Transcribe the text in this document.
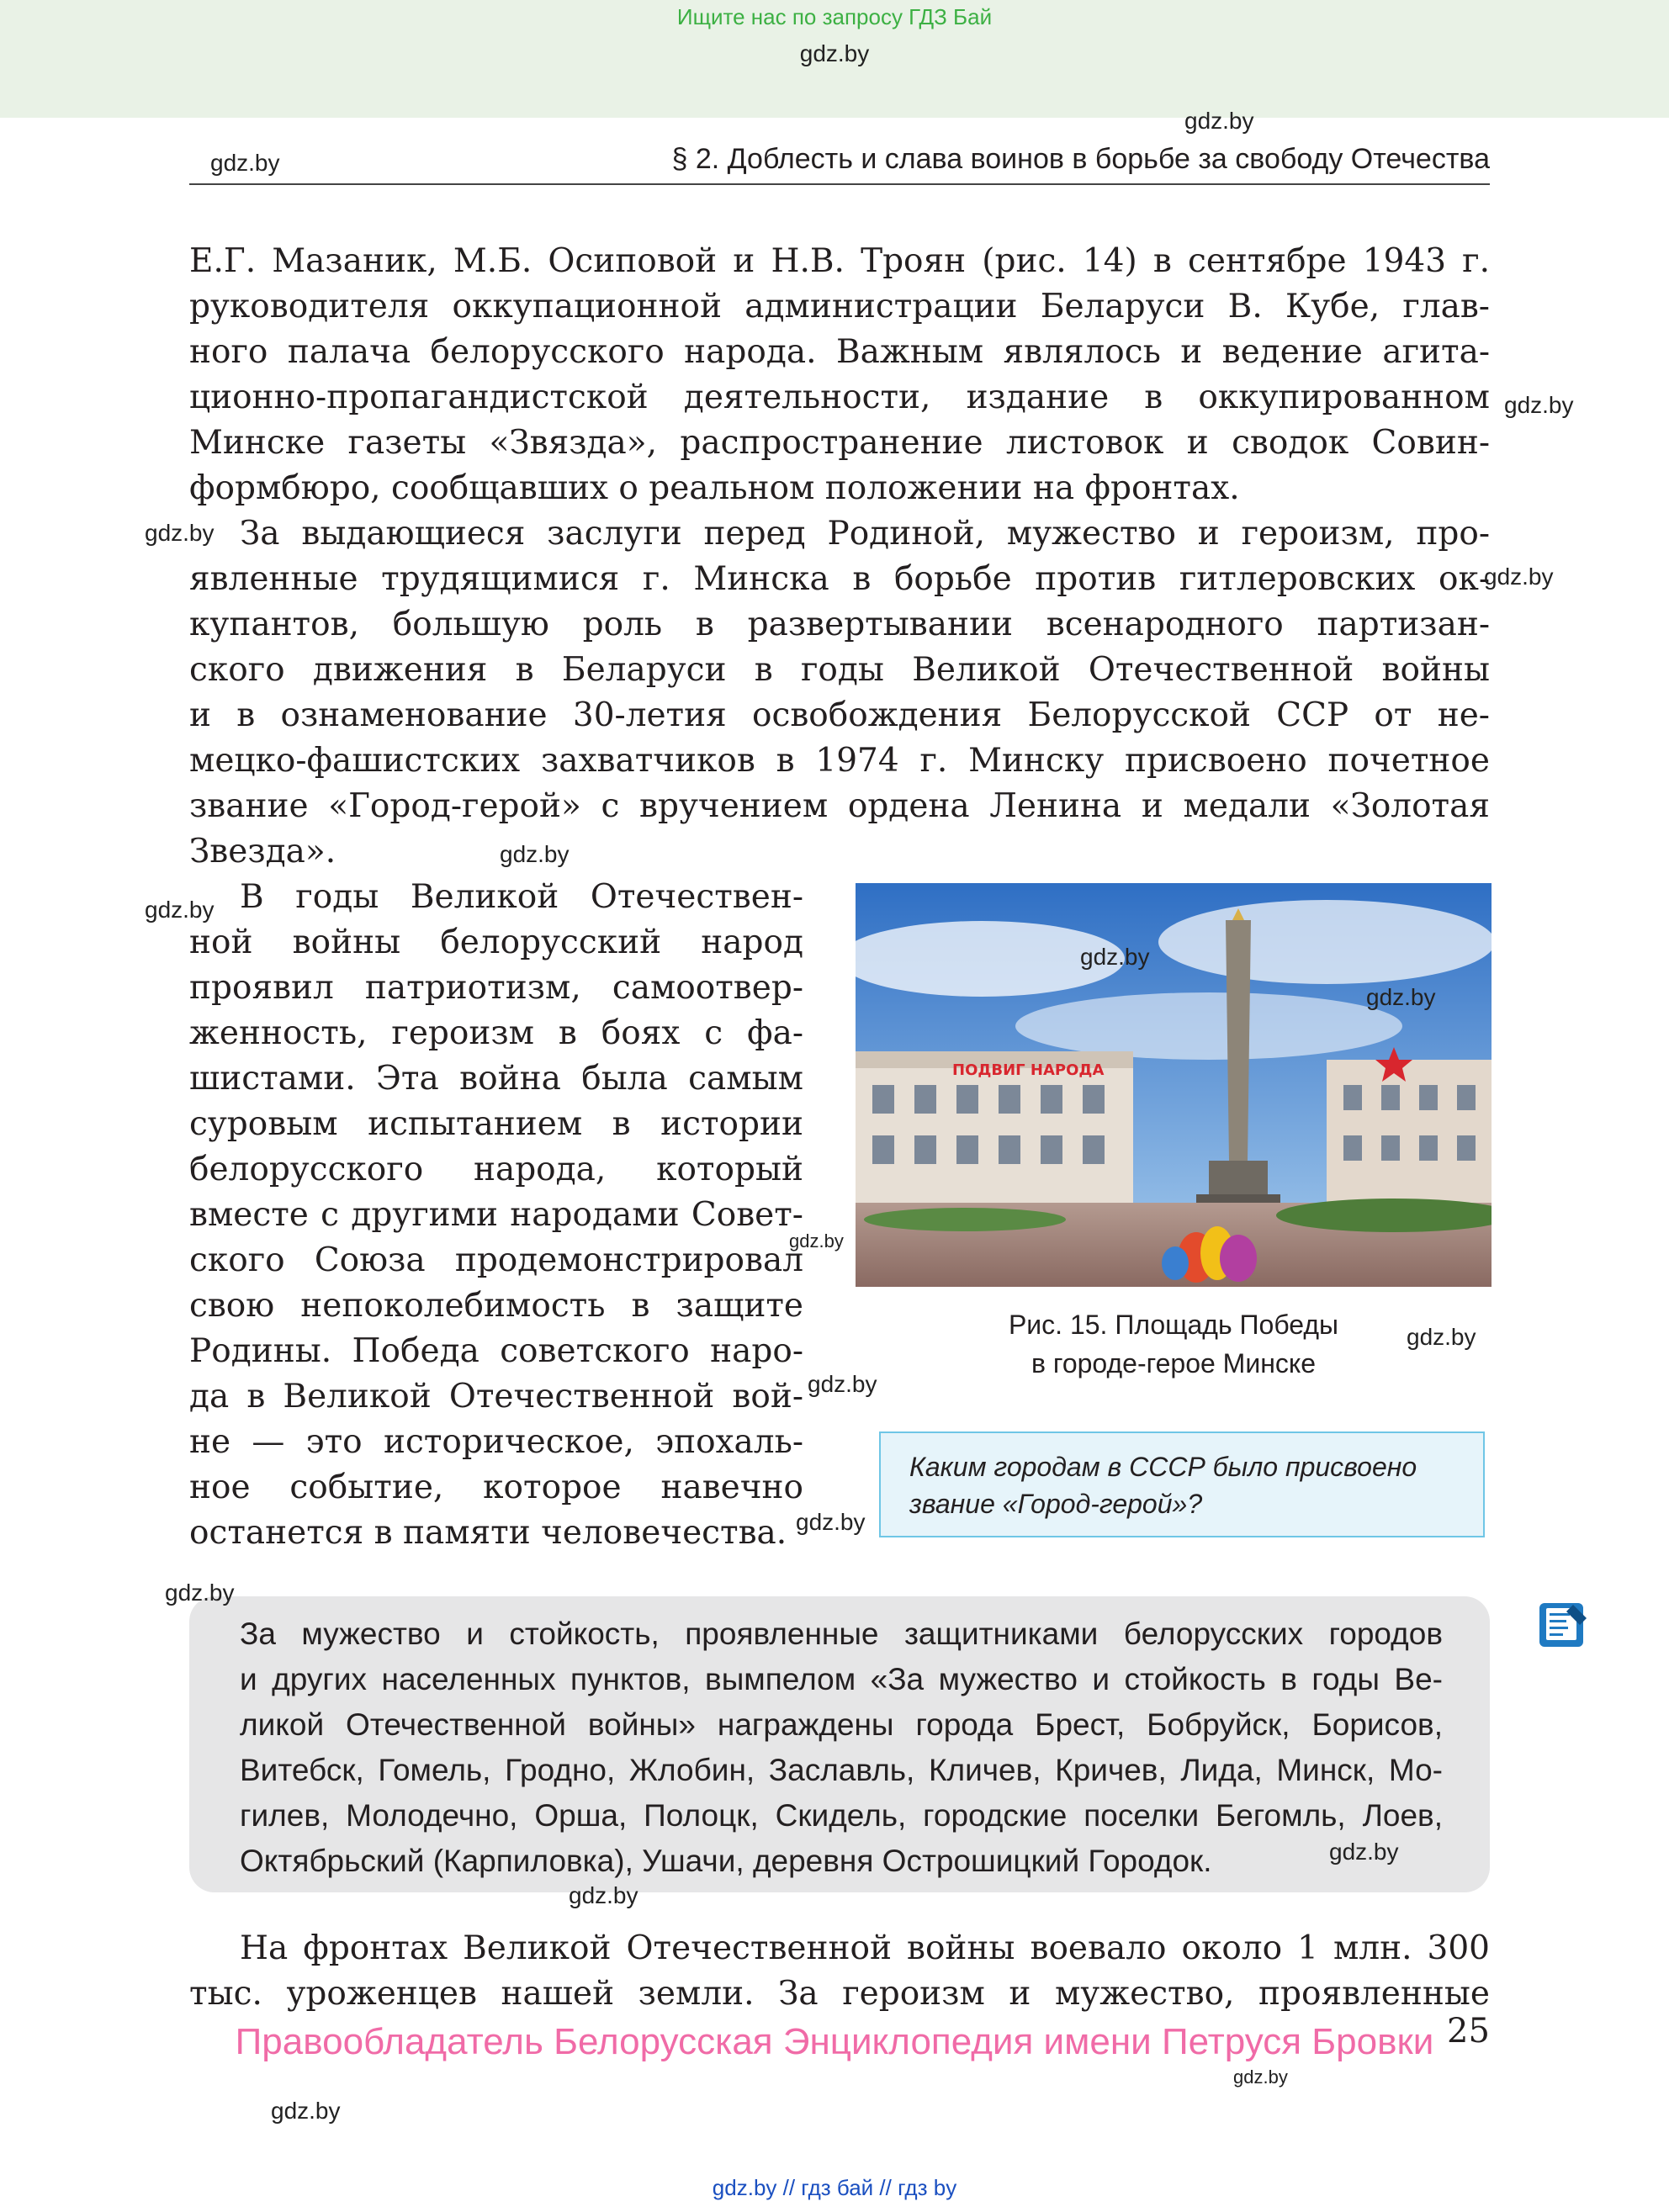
Ищите нас по запросу ГДЗ Бай
gdz.by
§ 2. Доблесть и слава воинов в борьбе за свободу Отечества
Е.Г. Мазаник, М.Б. Осиповой и Н.В. Троян (рис. 14) в сентябре 1943 г.
руководителя оккупационной администрации Беларуси В. Кубе, глав-
ного палача белорусского народа. Важным являлось и ведение агита-
ционно-пропагандистской деятельности, издание в оккупированном
Минске газеты «Звязда», распространение листовок и сводок Совин-
формбюро, сообщавших о реальном положении на фронтах.
За выдающиеся заслуги перед Родиной, мужество и героизм, про-
явленные трудящимися г. Минска в борьбе против гитлеровских ок-
купантов, большую роль в развертывании всенародного партизан-
ского движения в Беларуси в годы Великой Отечественной войны
и в ознаменование 30-летия освобождения Белорусской ССР от не-
мецко-фашистских захватчиков в 1974 г. Минску присвоено почетное
звание «Город-герой» с вручением ордена Ленина и медали «Золотая
Звезда».
В годы Великой Отечествен-
ной войны белорусский народ
проявил патриотизм, самоотвер-
женность, героизм в боях с фа-
шистами. Эта война была самым
суровым испытанием в истории
белорусского народа, который
вместе с другими народами Совет-
ского Союза продемонстрировал
свою непоколебимость в защите
Родины. Победа советского наро-
да в Великой Отечественной вой-
не — это историческое, эпохаль-
ное событие, которое навечно
останется в памяти человечества.
ПОДВИГ НАРОДА
Рис. 15. Площадь Победы
в городе-герое Минске
Каким городам в СССР было присвоено
звание «Город-герой»?
За мужество и стойкость, проявленные защитниками белорусских городов
и других населенных пунктов, вымпелом «За мужество и стойкость в годы Ве-
ликой Отечественной войны» награждены города Брест, Бобруйск, Борисов,
Витебск, Гомель, Гродно, Жлобин, Заславль, Кличев, Кричев, Лида, Минск, Мо-
гилев, Молодечно, Орша, Полоцк, Скидель, городские поселки Бегомль, Лоев,
Октябрьский (Карпиловка), Ушачи, деревня Острошицкий Городок.
На фронтах Великой Отечественной войны воевало около 1 млн. 300
тыс. уроженцев нашей земли. За героизм и мужество, проявленные
Правообладатель Белорусская Энциклопедия имени Петруся Бровки 25
gdz.by
gdz.by
gdz.by
gdz.by
gdz.by
gdz.by
gdz.by
gdz.by
gdz.by
gdz.by
gdz.by
gdz.by
gdz.by
gdz.by
gdz.by
gdz.by
gdz.by
gdz.by
gdz.by // гдз бай // гдз by
